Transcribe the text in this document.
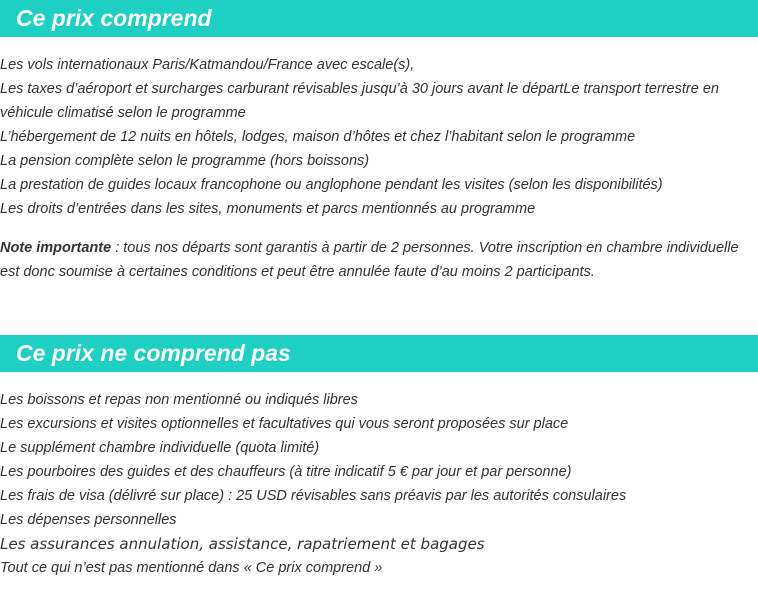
Ce prix comprend
Les vols internationaux Paris/Katmandou/France avec escale(s),
Les taxes d’aéroport et surcharges carburant révisables jusqu’à 30 jours avant le départLe transport terrestre en véhicule climatisé selon le programme
L’hébergement de 12 nuits en hôtels, lodges, maison d’hôtes et chez l’habitant selon le programme
La pension complète selon le programme (hors boissons)
La prestation de guides locaux francophone ou anglophone pendant les visites (selon les disponibilités)
Les droits d’entrées dans les sites, monuments et parcs mentionnés au programme

Note importante : tous nos départs sont garantis à partir de 2 personnes. Votre inscription en chambre individuelle est donc soumise à certaines conditions et peut être annulée faute d’au moins 2 participants.

Ce prix ne comprend pas
Les boissons et repas non mentionné ou indiqués libres
Les excursions et visites optionnelles et facultatives qui vous seront proposées sur place
Le supplément chambre individuelle (quota limité)
Les pourboires des guides et des chauffeurs (à titre indicatif 5 € par jour et par personne)
Les frais de visa (délivré sur place) : 25 USD révisables sans préavis par les autorités consulaires
Les dépenses personnelles
Les assurances annulation, assistance, rapatriement et bagages
Tout ce qui n’est pas mentionné dans « Ce prix comprend »
